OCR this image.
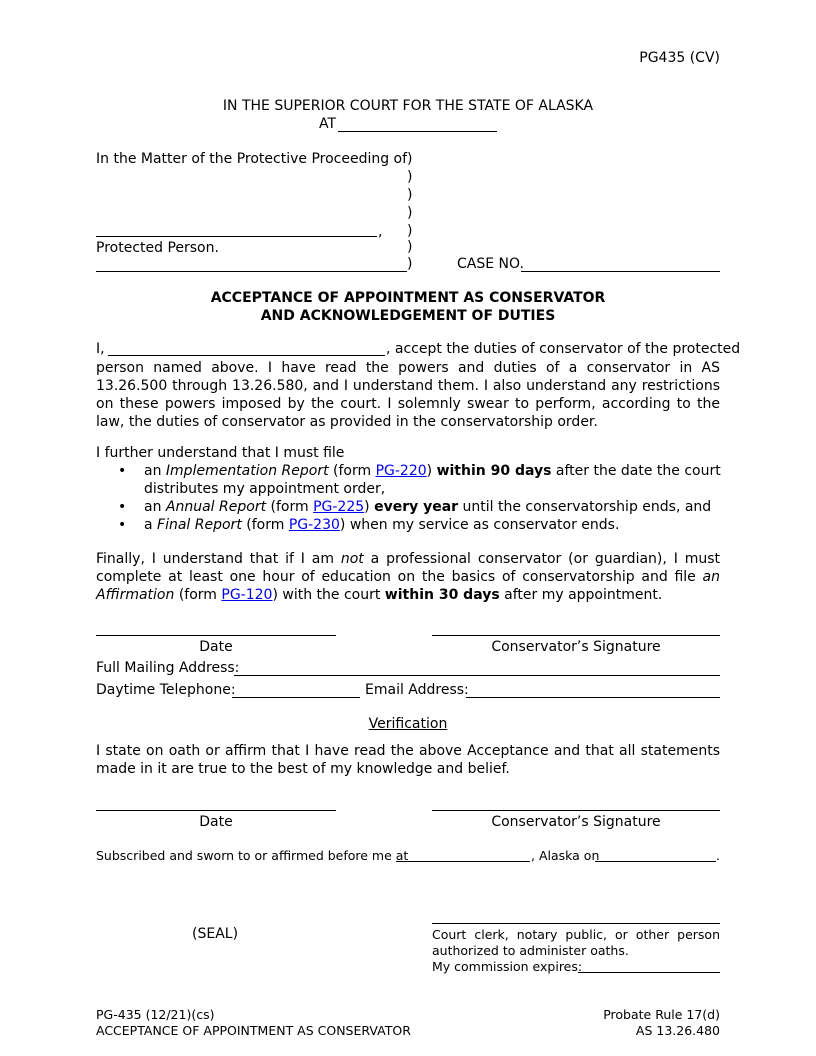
PG435 (CV)
IN THE SUPERIOR COURT FOR THE STATE OF ALASKA
AT
In the Matter of the Protective Proceeding of )
)
)
)
)
)
)
,
Protected Person.
CASE NO.
ACCEPTANCE OF APPOINTMENT AS CONSERVATOR
AND ACKNOWLEDGEMENT OF DUTIES
I,	, accept the duties of conservator of the protected
person named above. I have read the powers and duties of a conservator in AS 13.26.500 through 13.26.580, and I understand them. I also understand any restrictions on these powers imposed by the court. I solemnly swear to perform, according to the law, the duties of conservator as provided in the conservatorship order.
I further understand that I must file
• an Implementation Report (form PG-220) within 90 days after the date the court
distributes my appointment order,
• an Annual Report (form PG-225) every year until the conservatorship ends, and
• a Final Report (form PG-230) when my service as conservator ends.
Finally, I understand that if I am not a professional conservator (or guardian), I must complete at least one hour of education on the basics of conservatorship and file an Affirmation (form PG-120) with the court within 30 days after my appointment.
Date	Conservator’s Signature
Full Mailing Address:
Daytime Telephone:	Email Address:
Verification
I state on oath or affirm that I have read the above Acceptance and that all statements made in it are true to the best of my knowledge and belief.
Date	Conservator’s Signature
Subscribed and sworn to or affirmed before me at	, Alaska on	.
(SEAL)	Court clerk, notary public, or other person
authorized to administer oaths.
My commission expires:
PG-435 (12/21)(cs)
ACCEPTANCE OF APPOINTMENT AS CONSERVATOR
Probate Rule 17(d)
AS 13.26.480
